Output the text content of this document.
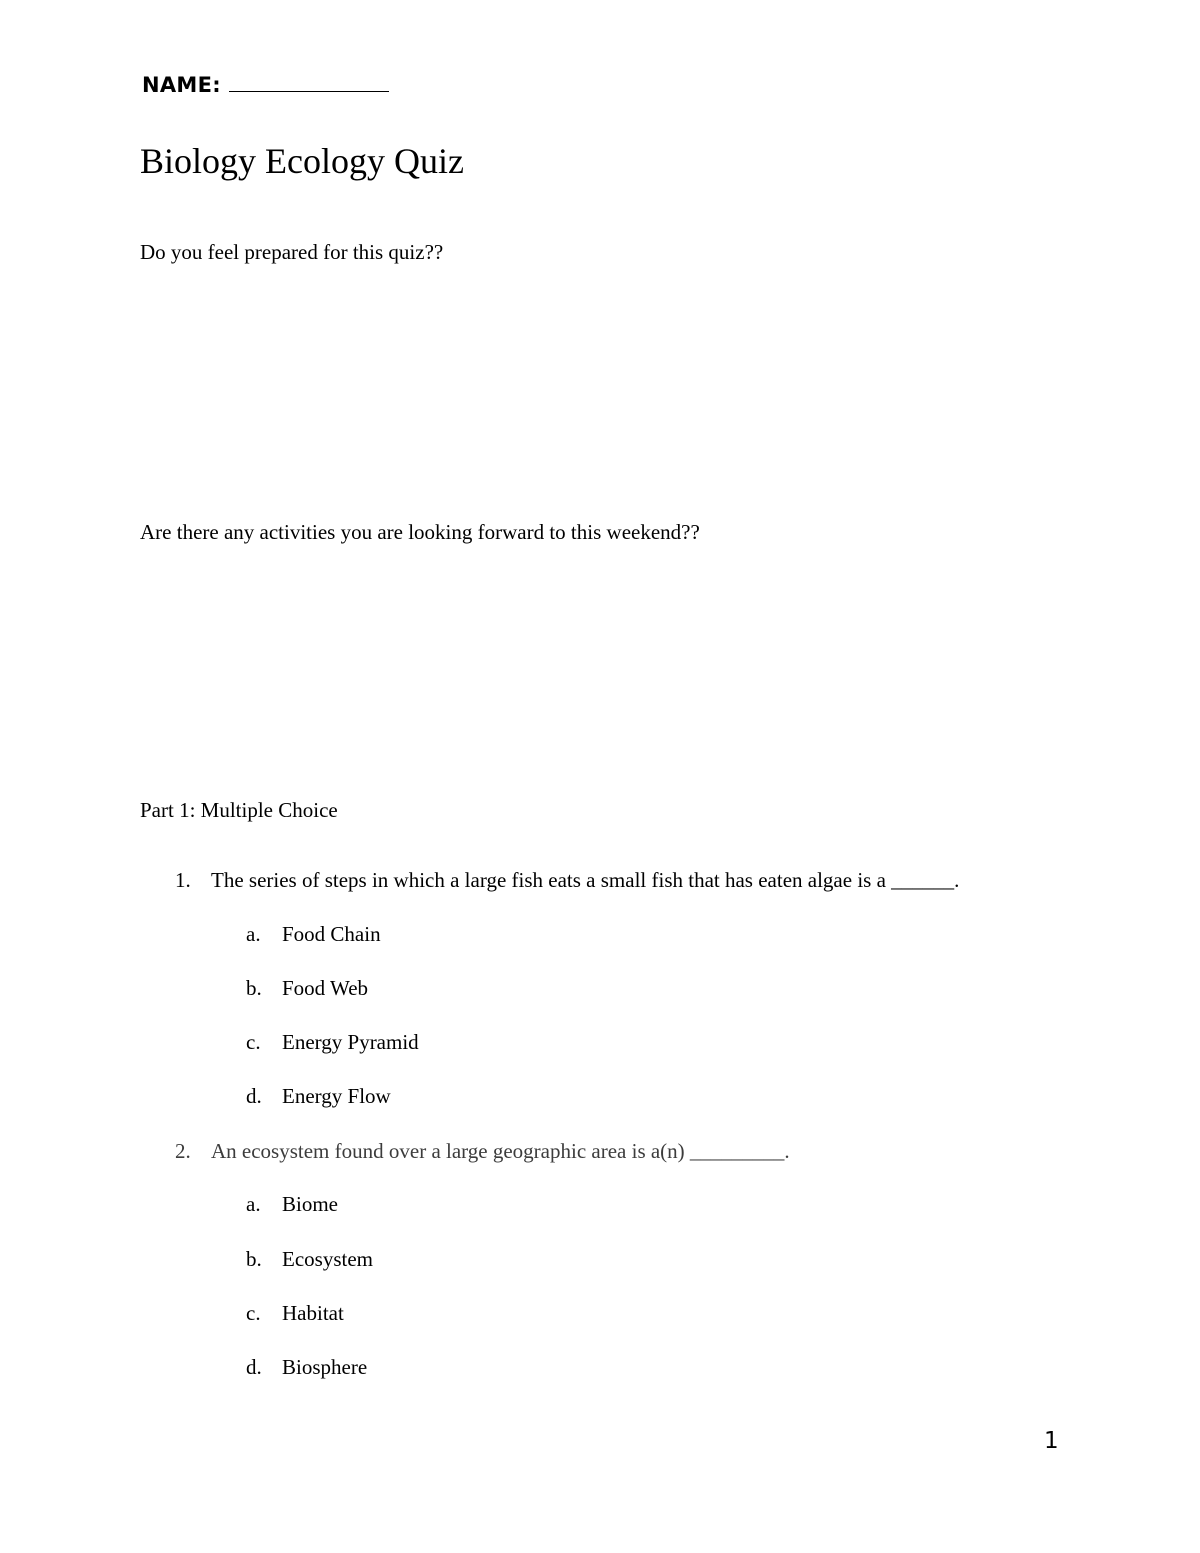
NAME:
Biology Ecology Quiz
Do you feel prepared for this quiz??
Are there any activities you are looking forward to this weekend??
Part 1: Multiple Choice
1. The series of steps in which a large fish eats a small fish that has eaten algae is a ______.
a. Food Chain
b. Food Web
c. Energy Pyramid
d. Energy Flow
2. An ecosystem found over a large geographic area is a(n) _________.
a. Biome
b. Ecosystem
c. Habitat
d. Biosphere
1
